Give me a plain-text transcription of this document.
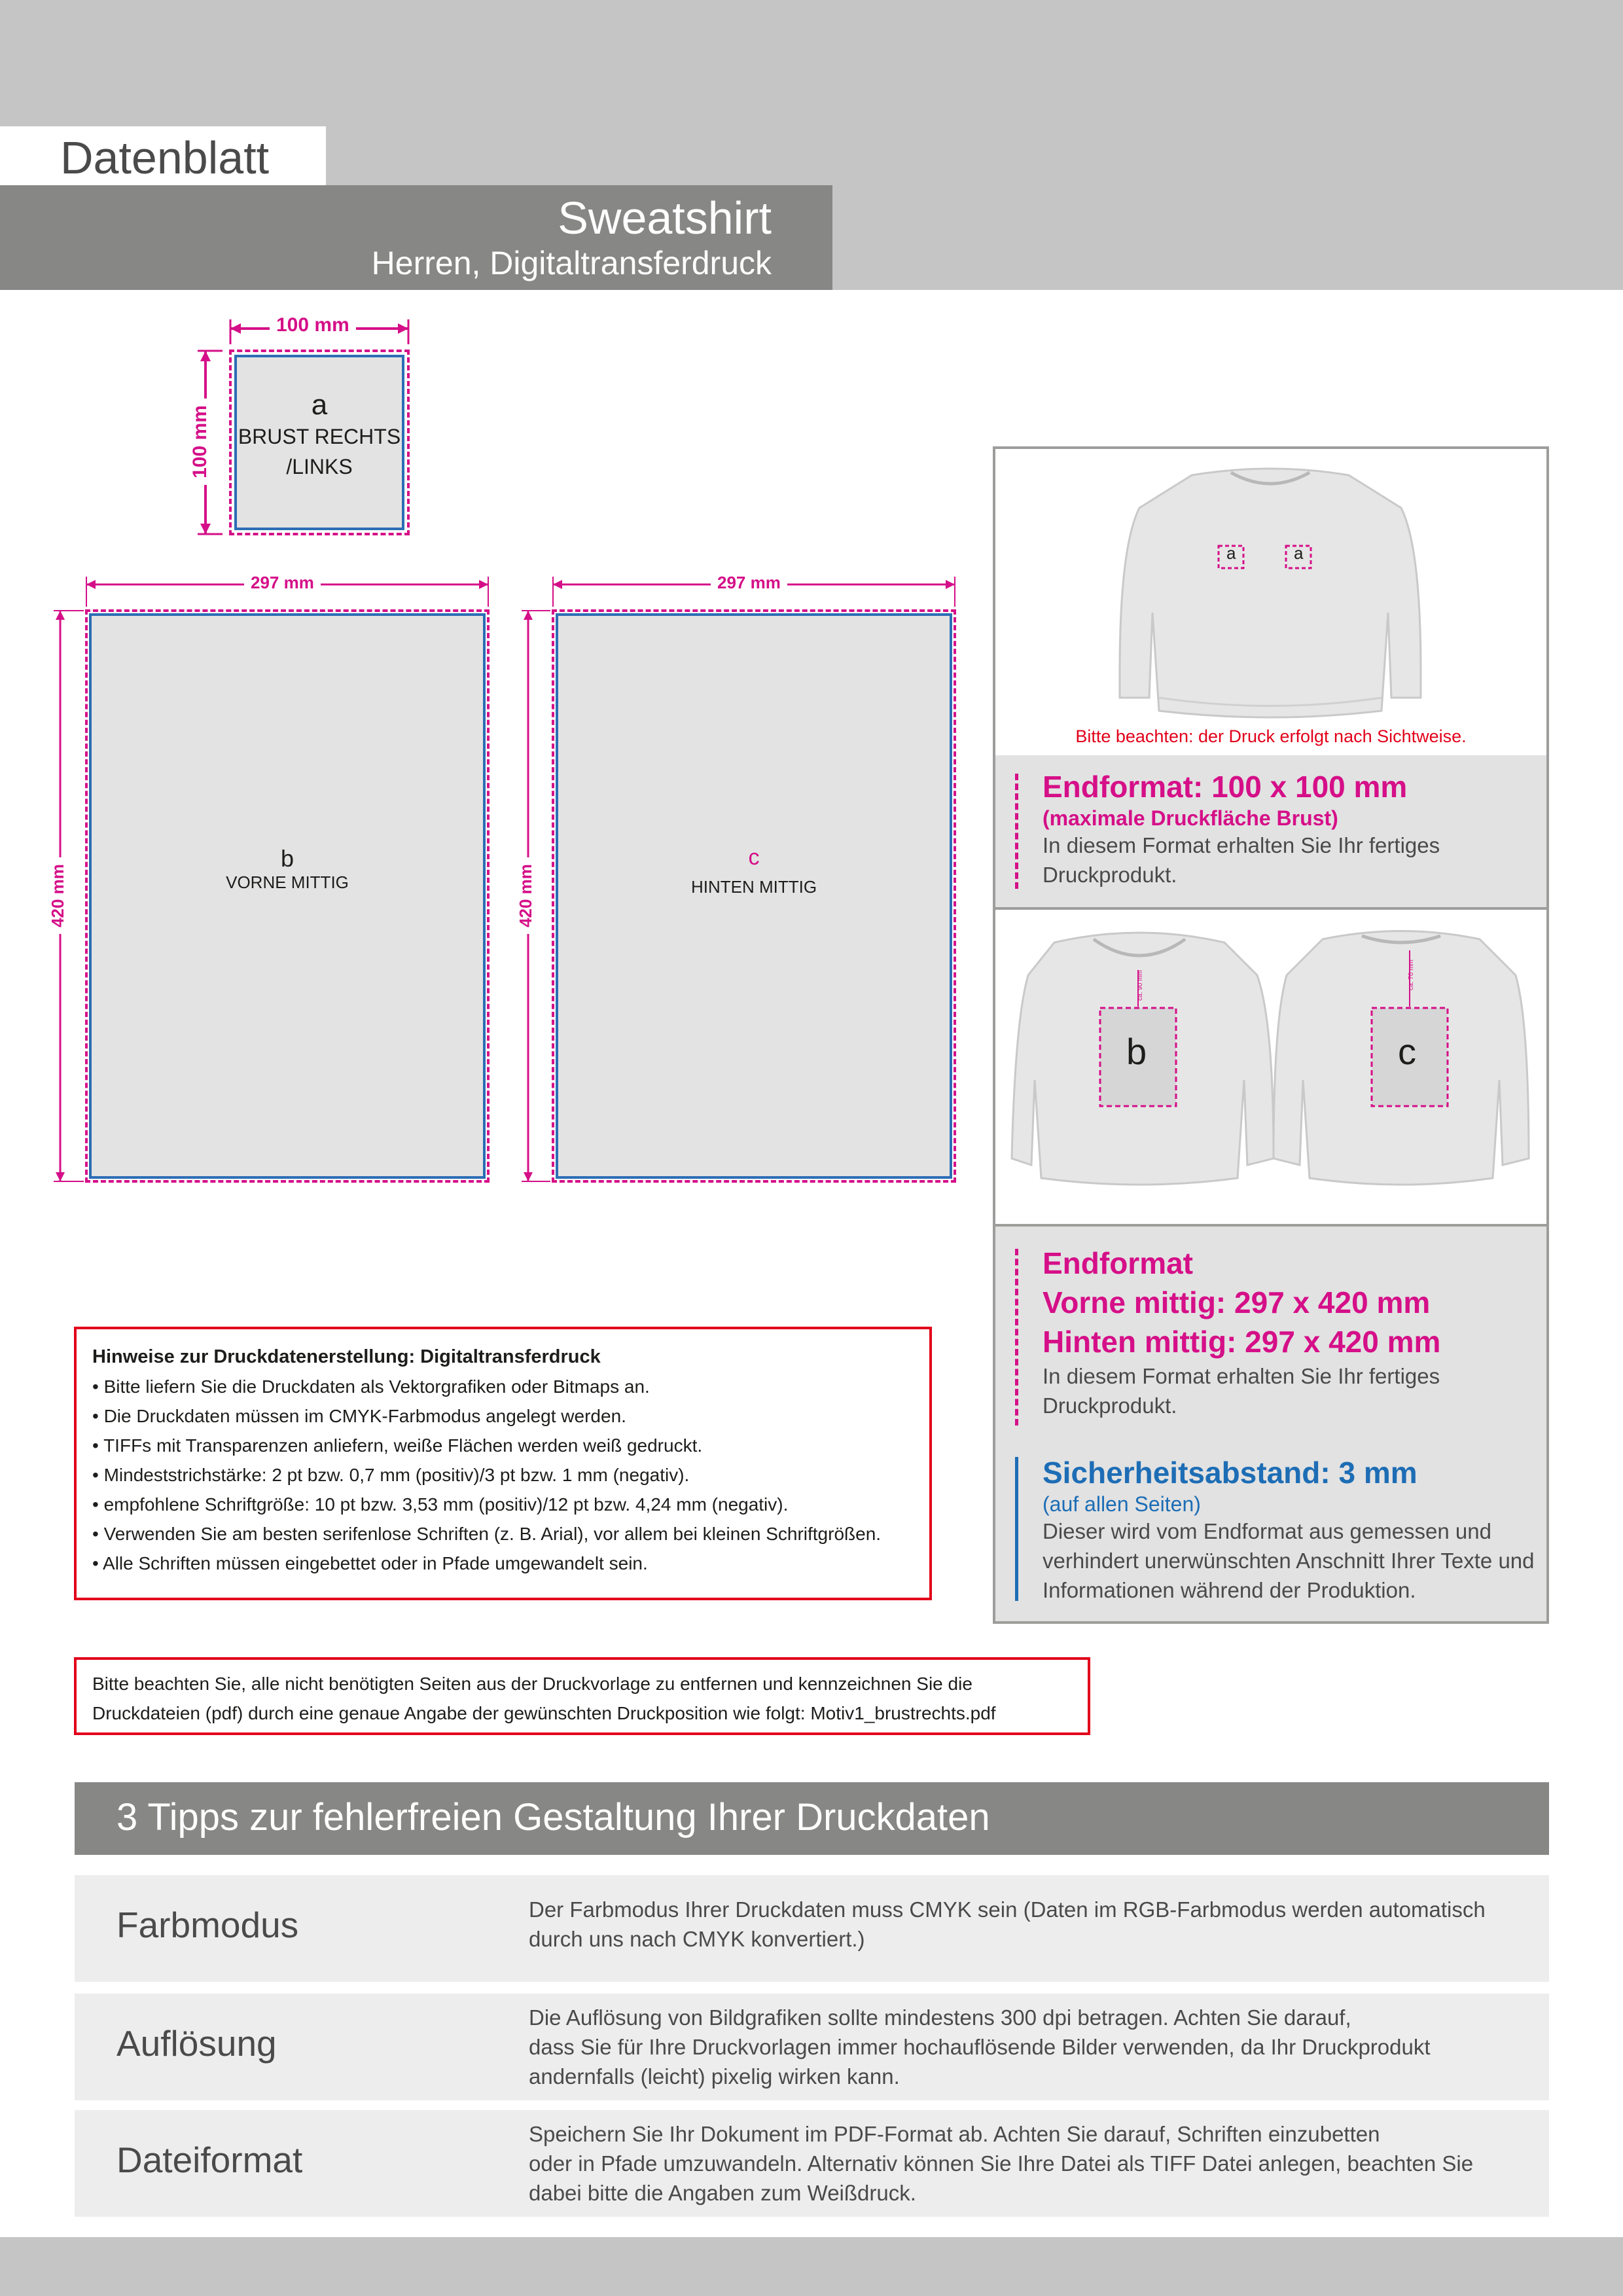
Datenblatt
Sweatshirt
Herren, Digitaltransferdruck
100 mm
100 mm
a
BRUST RECHTS
/LINKS
297 mm
420 mm
b
VORNE MITTIG
297 mm
420 mm
c
HINTEN MITTIG
a	a
Bitte beachten: der Druck erfolgt nach Sichtweise.
Endformat: 100 x 100 mm
(maximale Druckfläche Brust)
In diesem Format erhalten Sie Ihr fertiges Druckprodukt.
b	c
ca. 90 mm	ca. 70 mm
Endformat
Vorne mittig: 297 x 420 mm
Hinten mittig: 297 x 420 mm
In diesem Format erhalten Sie Ihr fertiges Druckprodukt.
Sicherheitsabstand: 3 mm
(auf allen Seiten)
Dieser wird vom Endformat aus gemessen und verhindert unerwünschten Anschnitt Ihrer Texte und Informationen während der Produktion.
Hinweise zur Druckdatenerstellung: Digitaltransferdruck
• Bitte liefern Sie die Druckdaten als Vektorgrafiken oder Bitmaps an.
• Die Druckdaten müssen im CMYK-Farbmodus angelegt werden.
• TIFFs mit Transparenzen anliefern, weiße Flächen werden weiß gedruckt.
• Mindeststrichstärke: 2 pt bzw. 0,7 mm (positiv)/3 pt bzw. 1 mm (negativ).
• empfohlene Schriftgröße: 10 pt bzw. 3,53 mm (positiv)/12 pt bzw. 4,24 mm (negativ).
• Verwenden Sie am besten serifenlose Schriften (z. B. Arial), vor allem bei kleinen Schriftgrößen.
• Alle Schriften müssen eingebettet oder in Pfade umgewandelt sein.
Bitte beachten Sie, alle nicht benötigten Seiten aus der Druckvorlage zu entfernen und kennzeichnen Sie die
Druckdateien (pdf) durch eine genaue Angabe der gewünschten Druckposition wie folgt: Motiv1_brustrechts.pdf
3 Tipps zur fehlerfreien Gestaltung Ihrer Druckdaten
Farbmodus	Der Farbmodus Ihrer Druckdaten muss CMYK sein (Daten im RGB-Farbmodus werden automatisch
durch uns nach CMYK konvertiert.)
Auflösung
Die Auflösung von Bildgrafiken sollte mindestens 300 dpi betragen. Achten Sie darauf,
dass Sie für Ihre Druckvorlagen immer hochauflösende Bilder verwenden, da Ihr Druckprodukt
andernfalls (leicht) pixelig wirken kann.
Dateiformat
Speichern Sie Ihr Dokument im PDF-Format ab. Achten Sie darauf, Schriften einzubetten
oder in Pfade umzuwandeln. Alternativ können Sie Ihre Datei als TIFF Datei anlegen, beachten Sie
dabei bitte die Angaben zum Weißdruck.
